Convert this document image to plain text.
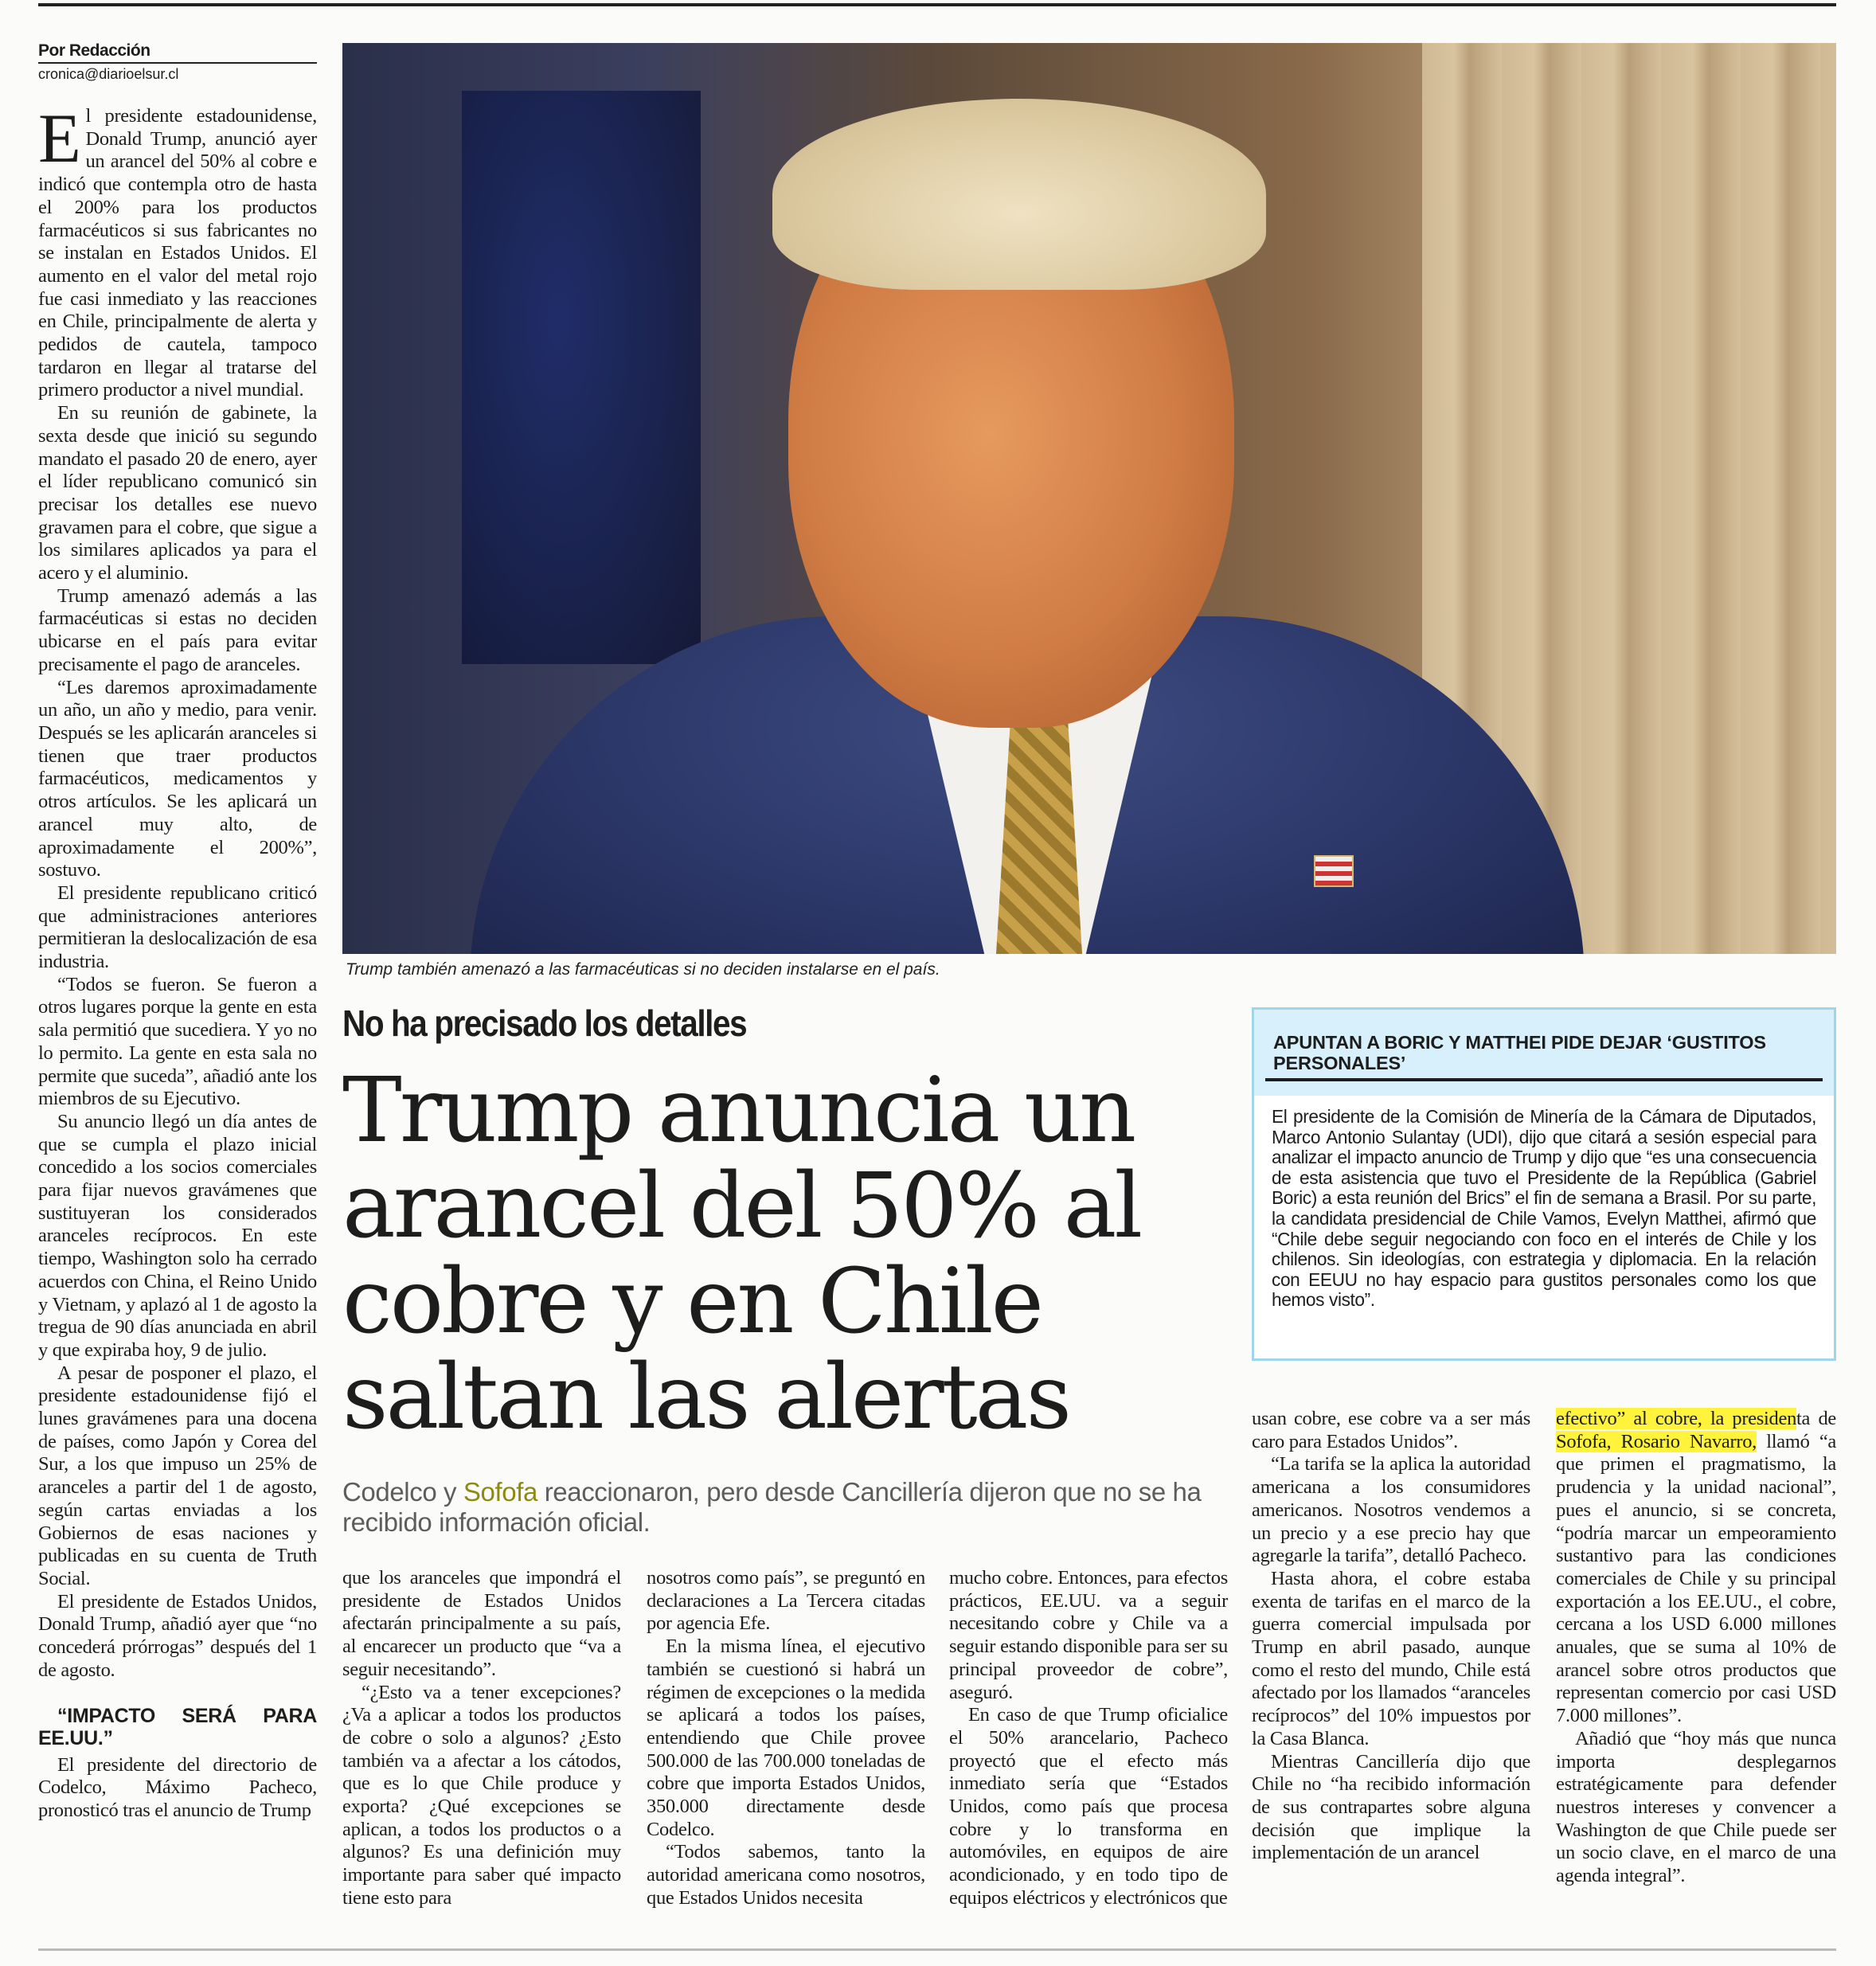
Por Redacción
cronica@diarioelsur.cl

El presidente estadounidense, Donald Trump, anunció ayer un arancel del 50% al cobre e indicó que contempla otro de hasta el 200% para los productos farmacéuticos si sus fabricantes no se instalan en Estados Unidos. El aumento en el valor del metal rojo fue casi inmediato y las reacciones en Chile, principalmente de alerta y pedidos de cautela, tampoco tardaron en llegar al tratarse del primero productor a nivel mundial.

En su reunión de gabinete, la sexta desde que inició su segundo mandato el pasado 20 de enero, ayer el líder republicano comunicó sin precisar los detalles ese nuevo gravamen para el cobre, que sigue a los similares aplicados ya para el acero y el aluminio.

Trump amenazó además a las farmacéuticas si estas no deciden ubicarse en el país para evitar precisamente el pago de aranceles.

“Les daremos aproximadamente un año, un año y medio, para venir. Después se les aplicarán aranceles si tienen que traer productos farmacéuticos, medicamentos y otros artículos. Se les aplicará un arancel muy alto, de aproximadamente el 200%”, sostuvo.

El presidente republicano criticó que administraciones anteriores permitieran la deslocalización de esa industria.

“Todos se fueron. Se fueron a otros lugares porque la gente en esta sala permitió que sucediera. Y yo no lo permito. La gente en esta sala no permite que suceda”, añadió ante los miembros de su Ejecutivo.

Su anuncio llegó un día antes de que se cumpla el plazo inicial concedido a los socios comerciales para fijar nuevos gravámenes que sustituyeran los considerados aranceles recíprocos. En este tiempo, Washington solo ha cerrado acuerdos con China, el Reino Unido y Vietnam, y aplazó al 1 de agosto la tregua de 90 días anunciada en abril y que expiraba hoy, 9 de julio.

A pesar de posponer el plazo, el presidente estadounidense fijó el lunes gravámenes para una docena de países, como Japón y Corea del Sur, a los que impuso un 25% de aranceles a partir del 1 de agosto, según cartas enviadas a los Gobiernos de esas naciones y publicadas en su cuenta de Truth Social.

El presidente de Estados Unidos, Donald Trump, añadió ayer que “no concederá prórrogas” después del 1 de agosto.

“IMPACTO SERÁ PARA EE.UU.”

El presidente del directorio de Codelco, Máximo Pacheco, pronosticó tras el anuncio de Trump

Trump también amenazó a las farmacéuticas si no deciden instalarse en el país.
No ha precisado los detalles
Trump anuncia un arancel del 50% al cobre y en Chile saltan las alertas
Codelco y Sofofa reaccionaron, pero desde Cancillería dijeron que no se ha recibido información oficial.
APUNTAN A BORIC Y MATTHEI PIDE DEJAR ‘GUSTITOS PERSONALES’
El presidente de la Comisión de Minería de la Cámara de Diputados, Marco Antonio Sulantay (UDI), dijo que citará a sesión especial para analizar el impacto anuncio de Trump y dijo que “es una consecuencia de esta asistencia que tuvo el Presidente de la República (Gabriel Boric) a esta reunión del Brics” el fin de semana a Brasil. Por su parte, la candidata presidencial de Chile Vamos, Evelyn Matthei, afirmó que “Chile debe seguir negociando con foco en el interés de Chile y los chilenos. Sin ideologías, con estrategia y diplomacia. En la relación con EEUU no hay espacio para gustitos personales como los que hemos visto”.

que los aranceles que impondrá el presidente de Estados Unidos afectarán principalmente a su país, al encarecer un producto que “va a seguir necesitando”.

“¿Esto va a tener excepciones? ¿Va a aplicar a todos los productos de cobre o solo a algunos? ¿Esto también va a afectar a los cátodos, que es lo que Chile produce y exporta? ¿Qué excepciones se aplican, a todos los productos o a algunos? Es una definición muy importante para saber qué impacto tiene esto para

nosotros como país”, se preguntó en declaraciones a La Tercera citadas por agencia Efe.

En la misma línea, el ejecutivo también se cuestionó si habrá un régimen de excepciones o la medida se aplicará a todos los países, entendiendo que Chile provee 500.000 de las 700.000 toneladas de cobre que importa Estados Unidos, 350.000 directamente desde Codelco.

“Todos sabemos, tanto la autoridad americana como nosotros, que Estados Unidos necesita

mucho cobre. Entonces, para efectos prácticos, EE.UU. va a seguir necesitando cobre y Chile va a seguir estando disponible para ser su principal proveedor de cobre”, aseguró.

En caso de que Trump oficialice el 50% arancelario, Pacheco proyectó que el efecto más inmediato sería que “Estados Unidos, como país que procesa cobre y lo transforma en automóviles, en equipos de aire acondicionado, y en todo tipo de equipos eléctricos y electrónicos que

usan cobre, ese cobre va a ser más caro para Estados Unidos”.

“La tarifa se la aplica la autoridad americana a los consumidores americanos. Nosotros vendemos a un precio y a ese precio hay que agregarle la tarifa”, detalló Pacheco.

Hasta ahora, el cobre estaba exenta de tarifas en el marco de la guerra comercial impulsada por Trump en abril pasado, aunque como el resto del mundo, Chile está afectado por los llamados “aranceles recíprocos” del 10% impuestos por la Casa Blanca.

Mientras Cancillería dijo que Chile no “ha recibido información de sus contrapartes sobre alguna decisión que implique la implementación de un arancel

efectivo” al cobre, la presidenta de Sofofa, Rosario Navarro, llamó “a que primen el pragmatismo, la prudencia y la unidad nacional”, pues el anuncio, si se concreta, “podría marcar un empeoramiento sustantivo para las condiciones comerciales de Chile y su principal exportación a los EE.UU., el cobre, cercana a los USD 6.000 millones anuales, que se suma al 10% de arancel sobre otros productos que representan comercio por casi USD 7.000 millones”.

Añadió que “hoy más que nunca importa desplegarnos estratégicamente para defender nuestros intereses y convencer a Washington de que Chile puede ser un socio clave, en el marco de una agenda integral”.
